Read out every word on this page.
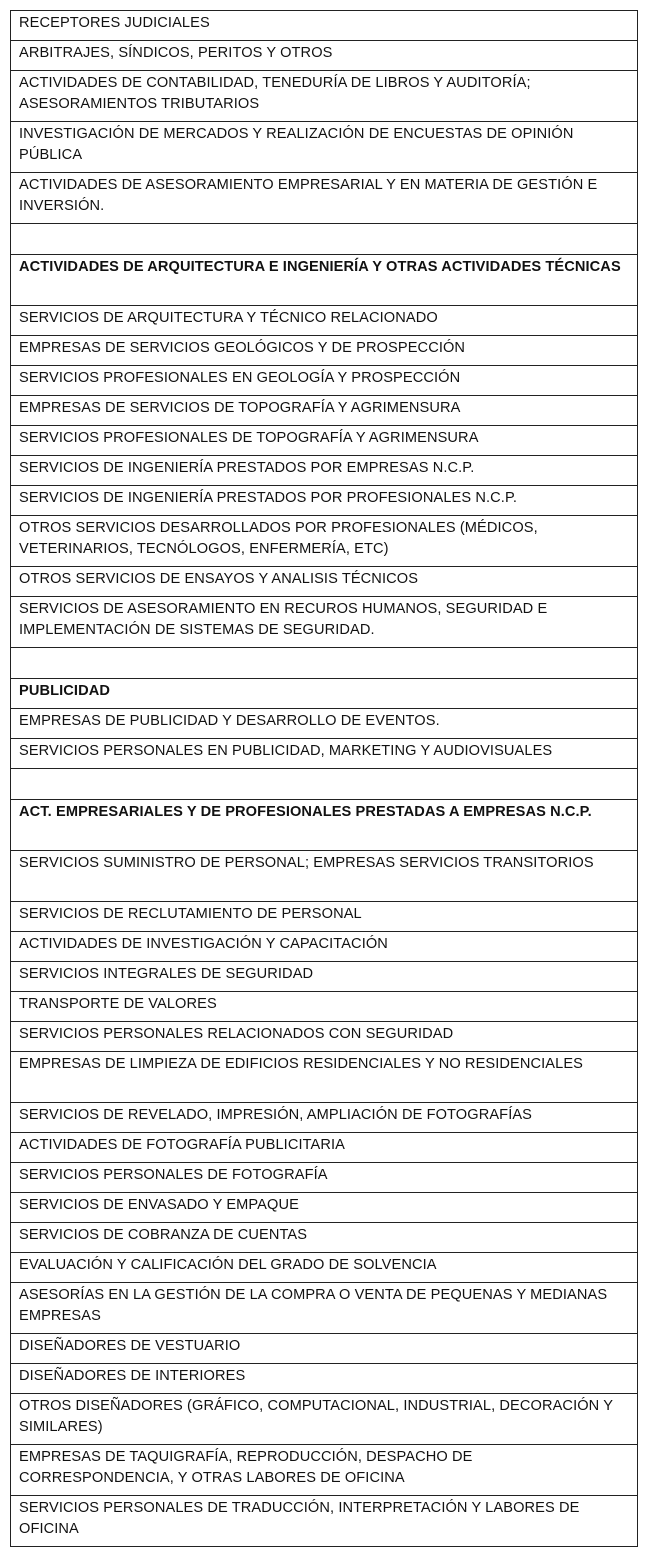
RECEPTORES JUDICIALES
ARBITRAJES, SÍNDICOS, PERITOS Y OTROS
ACTIVIDADES DE CONTABILIDAD, TENEDURÍA DE LIBROS Y AUDITORÍA; ASESORAMIENTOS TRIBUTARIOS
INVESTIGACIÓN DE MERCADOS Y REALIZACIÓN DE ENCUESTAS DE OPINIÓN PÚBLICA
ACTIVIDADES DE ASESORAMIENTO EMPRESARIAL Y EN MATERIA DE GESTIÓN E INVERSIÓN.

ACTIVIDADES DE ARQUITECTURA E INGENIERÍA Y OTRAS ACTIVIDADES TÉCNICAS
SERVICIOS DE ARQUITECTURA Y TÉCNICO RELACIONADO
EMPRESAS DE SERVICIOS GEOLÓGICOS Y DE PROSPECCIÓN
SERVICIOS PROFESIONALES EN GEOLOGÍA Y PROSPECCIÓN
EMPRESAS DE SERVICIOS DE TOPOGRAFÍA Y AGRIMENSURA
SERVICIOS PROFESIONALES DE TOPOGRAFÍA Y AGRIMENSURA
SERVICIOS DE INGENIERÍA PRESTADOS POR EMPRESAS N.C.P.
SERVICIOS DE INGENIERÍA PRESTADOS POR PROFESIONALES N.C.P.
OTROS SERVICIOS DESARROLLADOS POR PROFESIONALES (MÉDICOS, VETERINARIOS, TECNÓLOGOS, ENFERMERÍA, ETC)
OTROS SERVICIOS DE ENSAYOS Y ANALISIS TÉCNICOS
SERVICIOS DE ASESORAMIENTO EN RECUROS HUMANOS, SEGURIDAD E IMPLEMENTACIÓN DE SISTEMAS DE SEGURIDAD.

PUBLICIDAD
EMPRESAS DE PUBLICIDAD Y DESARROLLO DE EVENTOS.
SERVICIOS PERSONALES EN PUBLICIDAD, MARKETING Y AUDIOVISUALES

ACT. EMPRESARIALES Y DE PROFESIONALES PRESTADAS A EMPRESAS N.C.P.
SERVICIOS SUMINISTRO DE PERSONAL; EMPRESAS SERVICIOS TRANSITORIOS
SERVICIOS DE RECLUTAMIENTO DE PERSONAL
ACTIVIDADES DE INVESTIGACIÓN Y CAPACITACIÓN
SERVICIOS INTEGRALES DE SEGURIDAD
TRANSPORTE DE VALORES
SERVICIOS PERSONALES RELACIONADOS CON SEGURIDAD
EMPRESAS DE LIMPIEZA DE EDIFICIOS RESIDENCIALES Y NO RESIDENCIALES
SERVICIOS DE REVELADO, IMPRESIÓN, AMPLIACIÓN DE FOTOGRAFÍAS
ACTIVIDADES DE FOTOGRAFÍA PUBLICITARIA
SERVICIOS PERSONALES DE FOTOGRAFÍA
SERVICIOS DE ENVASADO Y EMPAQUE
SERVICIOS DE COBRANZA DE CUENTAS
EVALUACIÓN Y CALIFICACIÓN DEL GRADO DE SOLVENCIA
ASESORÍAS EN LA GESTIÓN DE LA COMPRA O VENTA DE PEQUENAS Y MEDIANAS EMPRESAS
DISEÑADORES DE VESTUARIO
DISEÑADORES DE INTERIORES
OTROS DISEÑADORES (GRÁFICO, COMPUTACIONAL, INDUSTRIAL, DECORACIÓN Y SIMILARES)
EMPRESAS DE TAQUIGRAFÍA, REPRODUCCIÓN, DESPACHO DE CORRESPONDENCIA, Y OTRAS LABORES DE OFICINA
SERVICIOS PERSONALES DE TRADUCCIÓN, INTERPRETACIÓN Y LABORES DE OFICINA
